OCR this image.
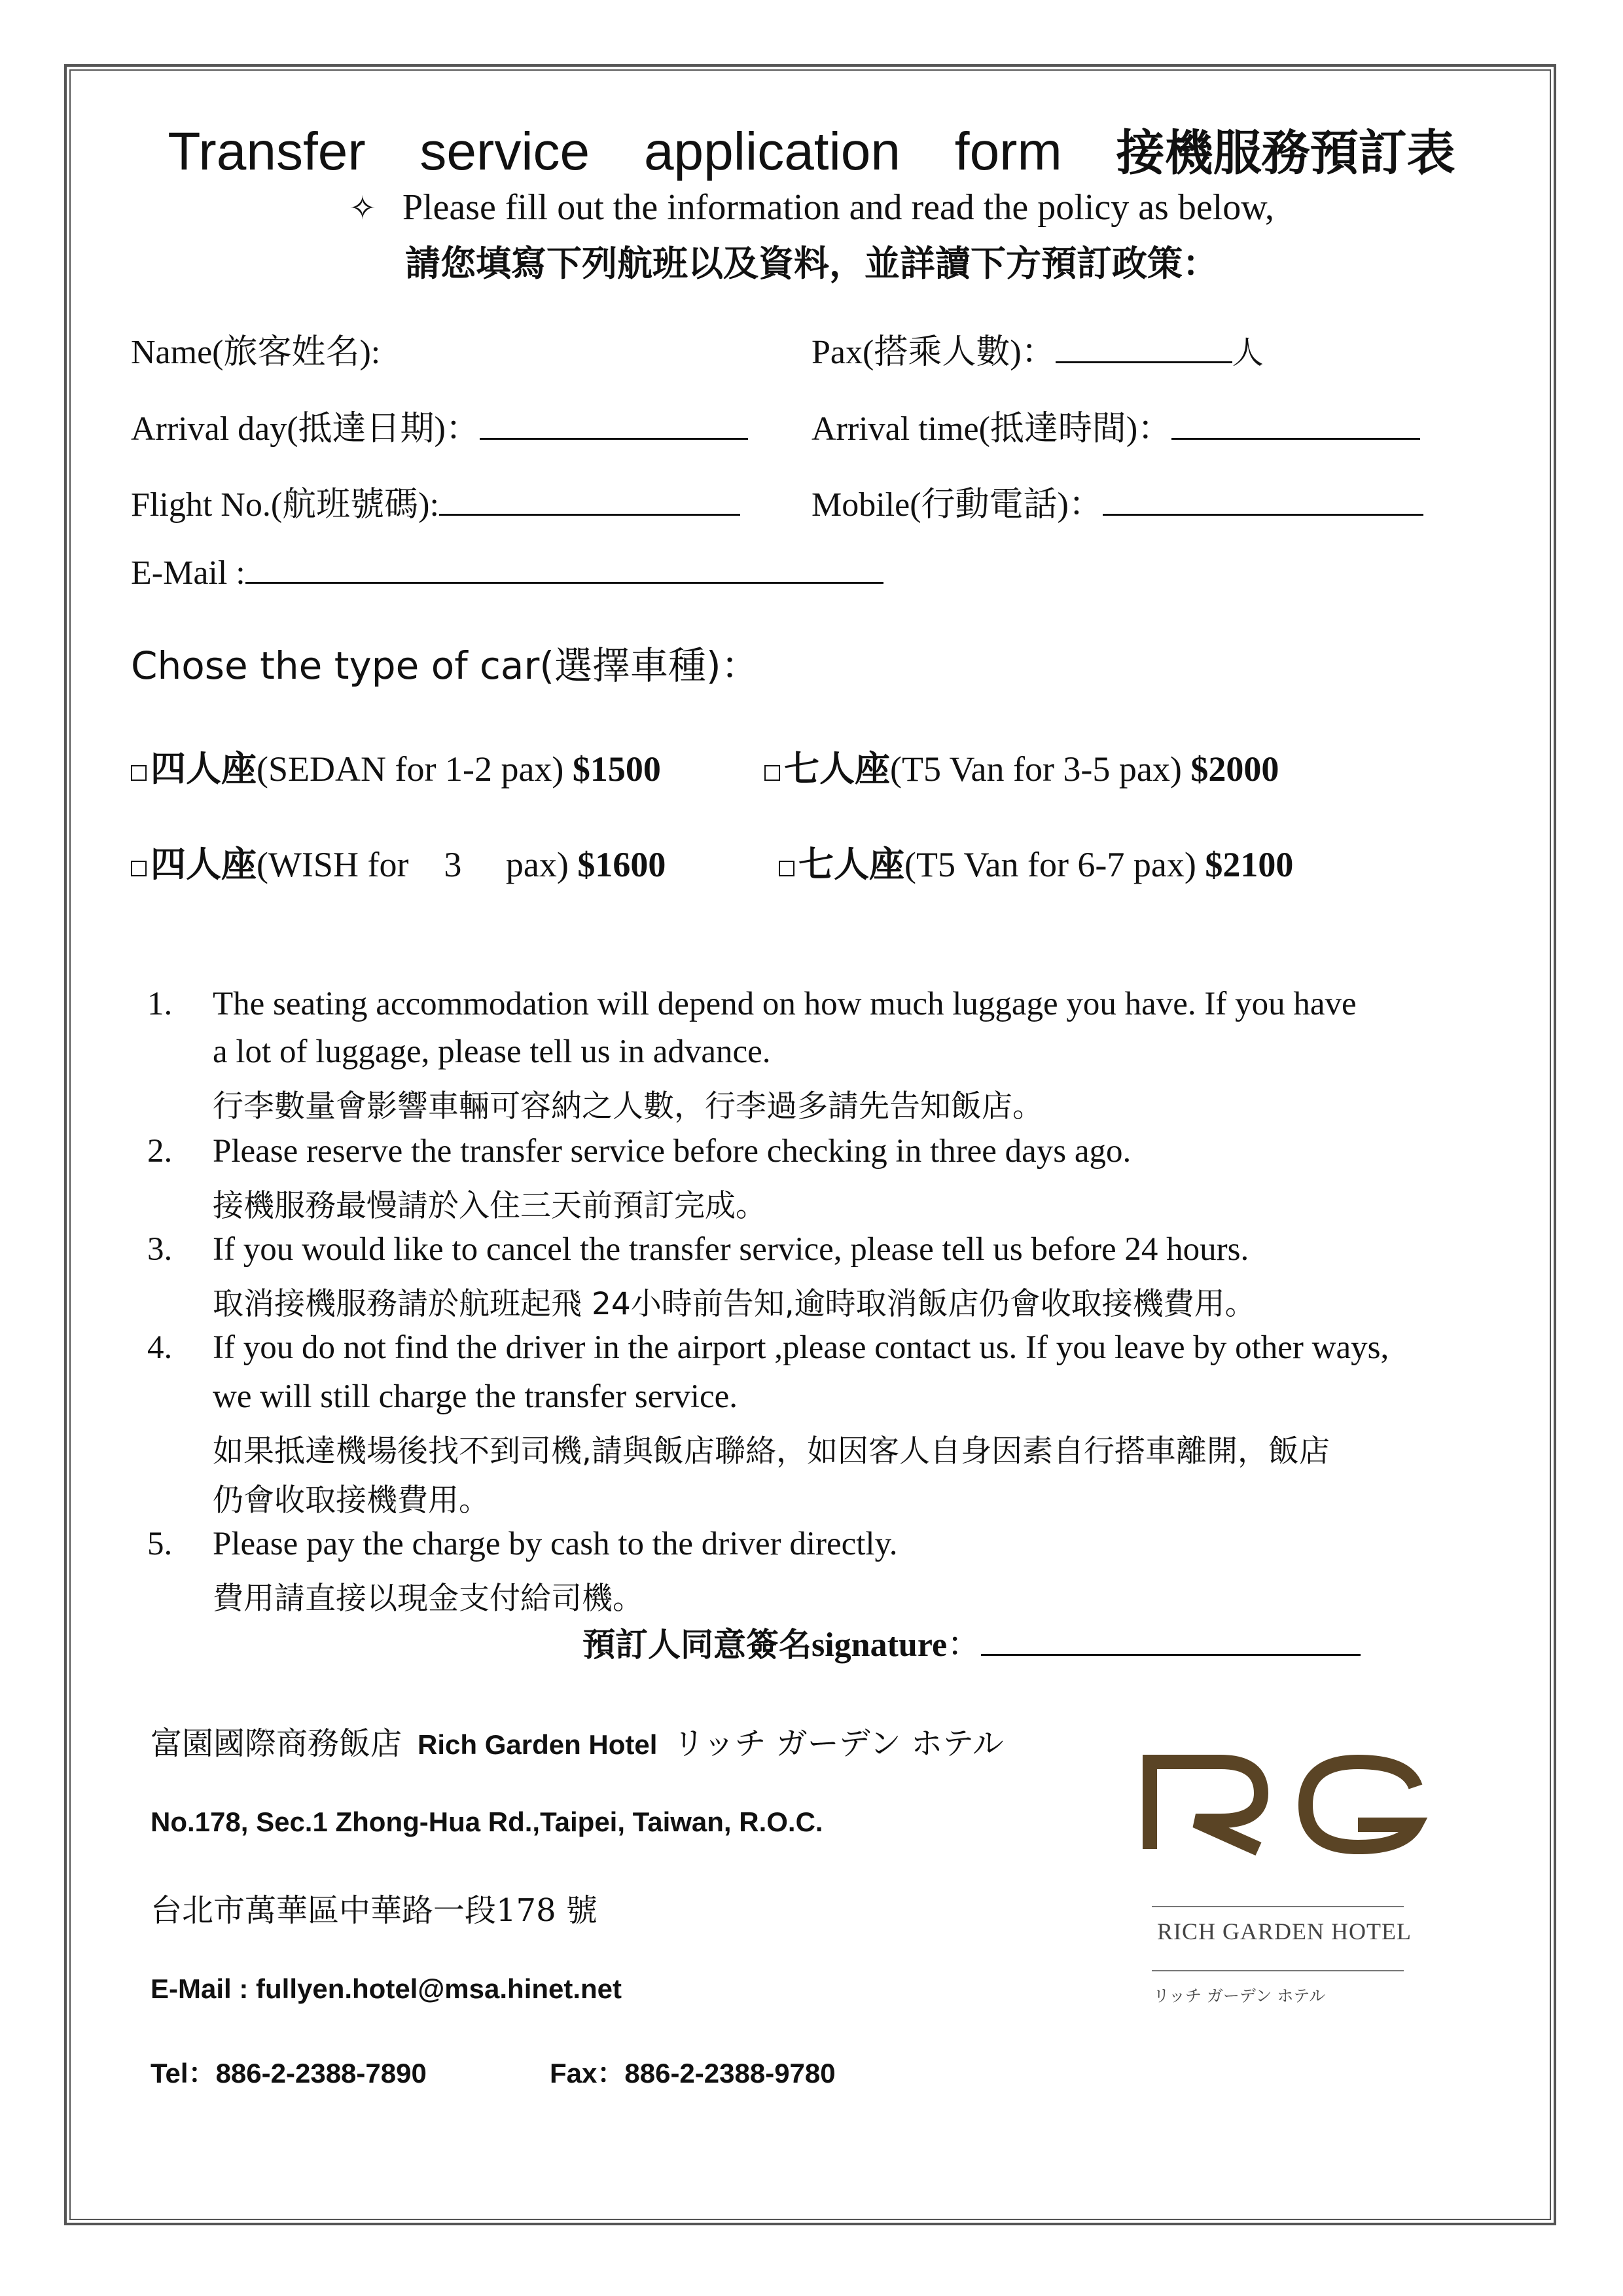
Transfer service application form 接機服務預訂表
✧ Please fill out the information and read the policy as below,
請您填寫下列航班以及資料，並詳讀下方預訂政策：
Name(旅客姓名):	Pax(搭乘人數)：	人
Arrival day(抵達日期)：	Arrival time(抵達時間)：
Flight No.(航班號碼):	Mobile(行動電話)：
E-Mail :
Chose the type of car(選擇車種)：
四人座(SEDAN for 1-2 pax) $1500	七人座(T5 Van for 3-5 pax) $2000
四人座(WISH for　3　 pax) $1600	七人座(T5 Van for 6-7 pax) $2100
1. The seating accommodation will depend on how much luggage you have. If you have
a lot of luggage, please tell us in advance.
行李數量會影響車輛可容納之人數，行李過多請先告知飯店。
2. Please reserve the transfer service before checking in three days ago.
接機服務最慢請於入住三天前預訂完成。
3. If you would like to cancel the transfer service, please tell us before 24 hours.
取消接機服務請於航班起飛 24小時前告知,逾時取消飯店仍會收取接機費用。
4. If you do not find the driver in the airport ,please contact us. If you leave by other ways,
we will still charge the transfer service.
如果抵達機場後找不到司機,請與飯店聯絡，如因客人自身因素自行搭車離開，飯店
仍會收取接機費用。
5. Please pay the charge by cash to the driver directly.
費用請直接以現金支付給司機。
預訂人同意簽名signature：
富園國際商務飯店 Rich Garden Hotel リッチ ガーデン ホテル
No.178, Sec.1 Zhong-Hua Rd.,Taipei, Taiwan, R.O.C.
台北市萬華區中華路一段178 號
E-Mail : fullyen.hotel@msa.hinet.net
Tel：886-2-2388-7890	Fax：886-2-2388-9780
RICH GARDEN HOTEL
リッチ ガーデン ホテル
